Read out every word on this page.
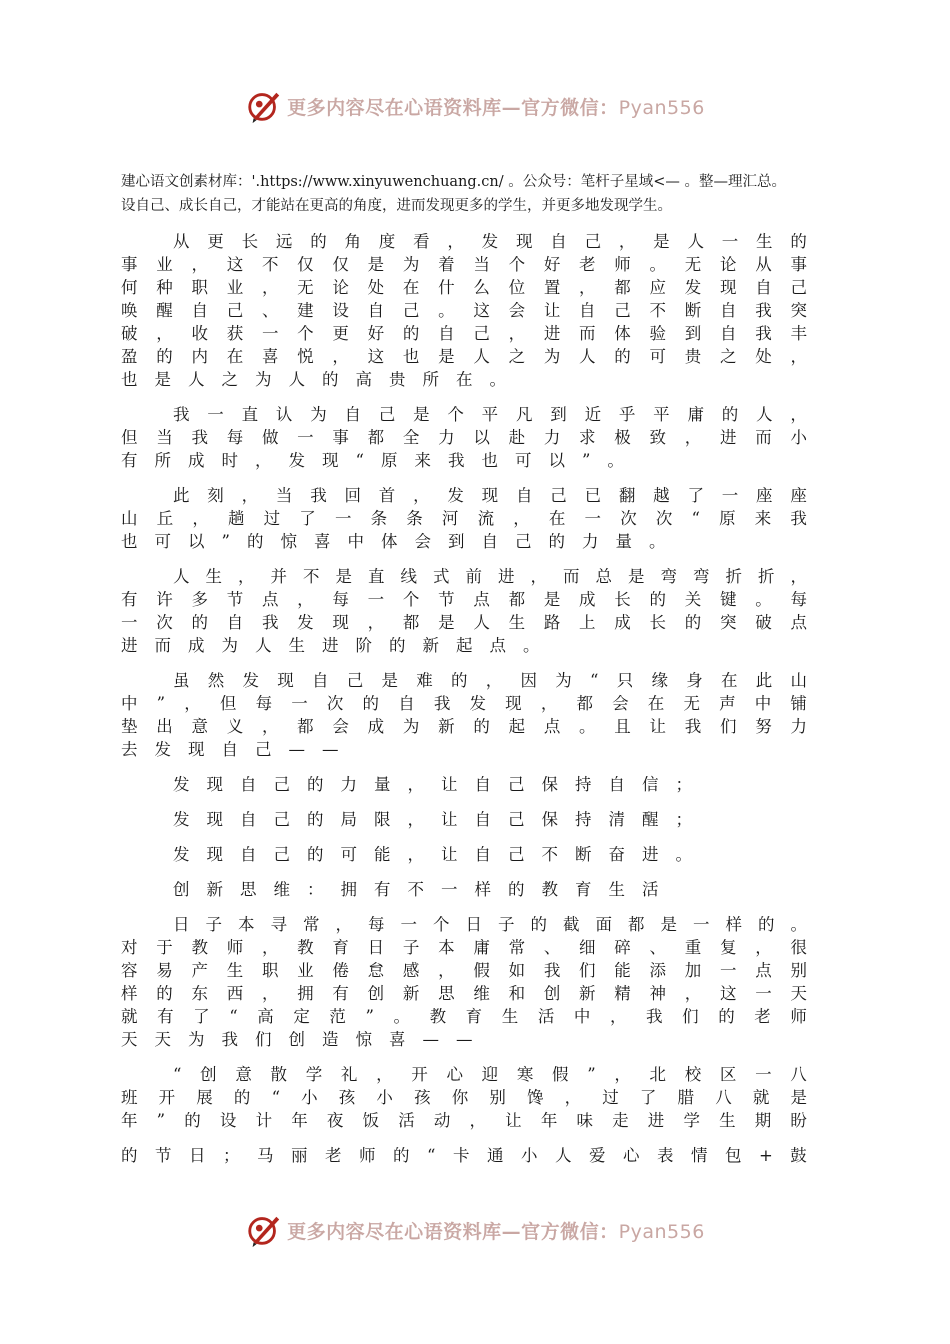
更多内容尽在心语资料库—官方微信：Pyan556
建心语文创素材库：'.https://www.xinyuwenchuang.cn/ 。公众号：笔杆子星域<— 。整—理汇总。
设自己、成长自己，才能站在更高的角度，进而发现更多的学生，并更多地发现学生。
从 更 长 远 的 角 度 看 ， 发 现 自 己 ， 是 人 一 生 的
事 业 ， 这 不 仅 仅 是 为 着 当 个 好 老 师 。 无 论 从 事
何 种 职 业 ， 无 论 处 在 什 么 位 置 ， 都 应 发 现 自 己
唤 醒 自 己 、 建 设 自 己 。 这 会 让 自 己 不 断 自 我 突
破 ， 收 获 一 个 更 好 的 自 己 ， 进 而 体 验 到 自 我 丰
盈 的 内 在 喜 悦 ， 这 也 是 人 之 为 人 的 可 贵 之 处 ，
也 是 人 之 为 人 的 高 贵 所 在 。
我 一 直 认 为 自 己 是 个 平 凡 到 近 乎 平 庸 的 人 ，
但 当 我 每 做 一 事 都 全 力 以 赴 力 求 极 致 ， 进 而 小
有 所 成 时 ， 发 现 “ 原 来 我 也 可 以 ” 。
此 刻 ， 当 我 回 首 ， 发 现 自 己 已 翻 越 了 一 座 座
山 丘 ， 趟 过 了 一 条 条 河 流 ， 在 一 次 次 “ 原 来 我
也 可 以 ” 的 惊 喜 中 体 会 到 自 己 的 力 量 。
人 生 ， 并 不 是 直 线 式 前 进 ， 而 总 是 弯 弯 折 折 ，
有 许 多 节 点 ， 每 一 个 节 点 都 是 成 长 的 关 键 。 每
一 次 的 自 我 发 现 ， 都 是 人 生 路 上 成 长 的 突 破 点
进 而 成 为 人 生 进 阶 的 新 起 点 。
虽 然 发 现 自 己 是 难 的 ， 因 为 “ 只 缘 身 在 此 山
中 ” ， 但 每 一 次 的 自 我 发 现 ， 都 会 在 无 声 中 铺
垫 出 意 义 ， 都 会 成 为 新 的 起 点 。 且 让 我 们 努 力
去 发 现 自 己 — —
发 现 自 己 的 力 量 ， 让 自 己 保 持 自 信 ；
发 现 自 己 的 局 限 ， 让 自 己 保 持 清 醒 ；
发 现 自 己 的 可 能 ， 让 自 己 不 断 奋 进 。
创 新 思 维 ： 拥 有 不 一 样 的 教 育 生 活
日 子 本 寻 常 ， 每 一 个 日 子 的 截 面 都 是 一 样 的 。
对 于 教 师 ， 教 育 日 子 本 庸 常 、 细 碎 、 重 复 ， 很
容 易 产 生 职 业 倦 怠 感 ， 假 如 我 们 能 添 加 一 点 别
样 的 东 西 ， 拥 有 创 新 思 维 和 创 新 精 神 ， 这 一 天
就 有 了 “ 高 定 范 ” 。 教 育 生 活 中 ， 我 们 的 老 师
天 天 为 我 们 创 造 惊 喜 — —
“ 创 意 散 学 礼 ， 开 心 迎 寒 假 ” ， 北 校 区 一 八
班 开 展 的 “ 小 孩 小 孩 你 别 馋 ， 过 了 腊 八 就 是
年 ” 的 设 计 年 夜 饭 活 动 ， 让 年 味 走 进 学 生 期 盼
的 节 日 ； 马 丽 老 师 的 “ 卡 通 小 人 爱 心 表 情 包 + 鼓
更多内容尽在心语资料库—官方微信：Pyan556
